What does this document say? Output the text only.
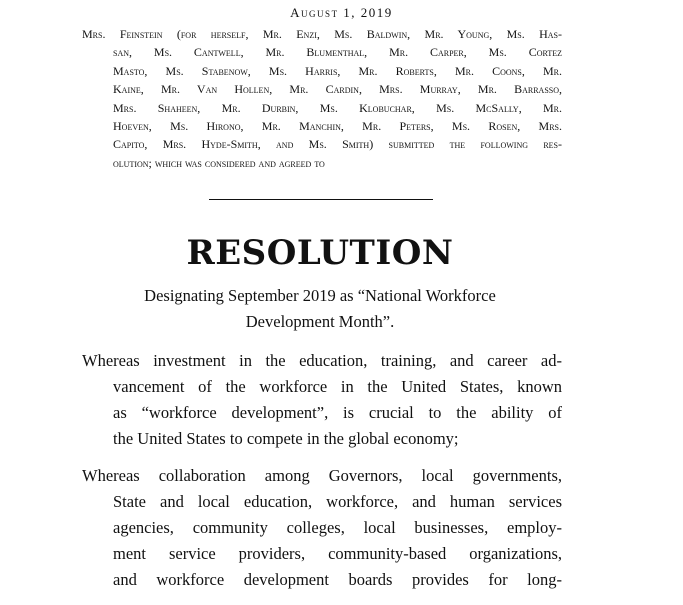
August 1, 2019
Mrs. Feinstein (for herself, Mr. Enzi, Ms. Baldwin, Mr. Young, Ms. Has-
san, Ms. Cantwell, Mr. Blumenthal, Mr. Carper, Ms. Cortez
Masto, Ms. Stabenow, Ms. Harris, Mr. Roberts, Mr. Coons, Mr.
Kaine, Mr. Van Hollen, Mr. Cardin, Mrs. Murray, Mr. Barrasso,
Mrs. Shaheen, Mr. Durbin, Ms. Klobuchar, Ms. McSally, Mr.
Hoeven, Ms. Hirono, Mr. Manchin, Mr. Peters, Ms. Rosen, Mrs.
Capito, Mrs. Hyde-Smith, and Ms. Smith) submitted the following res-
olution; which was considered and agreed to
RESOLUTION
Designating September 2019 as “National Workforce
Development Month”.
Whereas investment in the education, training, and career ad-
vancement of the workforce in the United States, known
as “workforce development”, is crucial to the ability of
the United States to compete in the global economy;
Whereas collaboration among Governors, local governments,
State and local education, workforce, and human services
agencies, community colleges, local businesses, employ-
ment service providers, community-based organizations,
and workforce development boards provides for long-
